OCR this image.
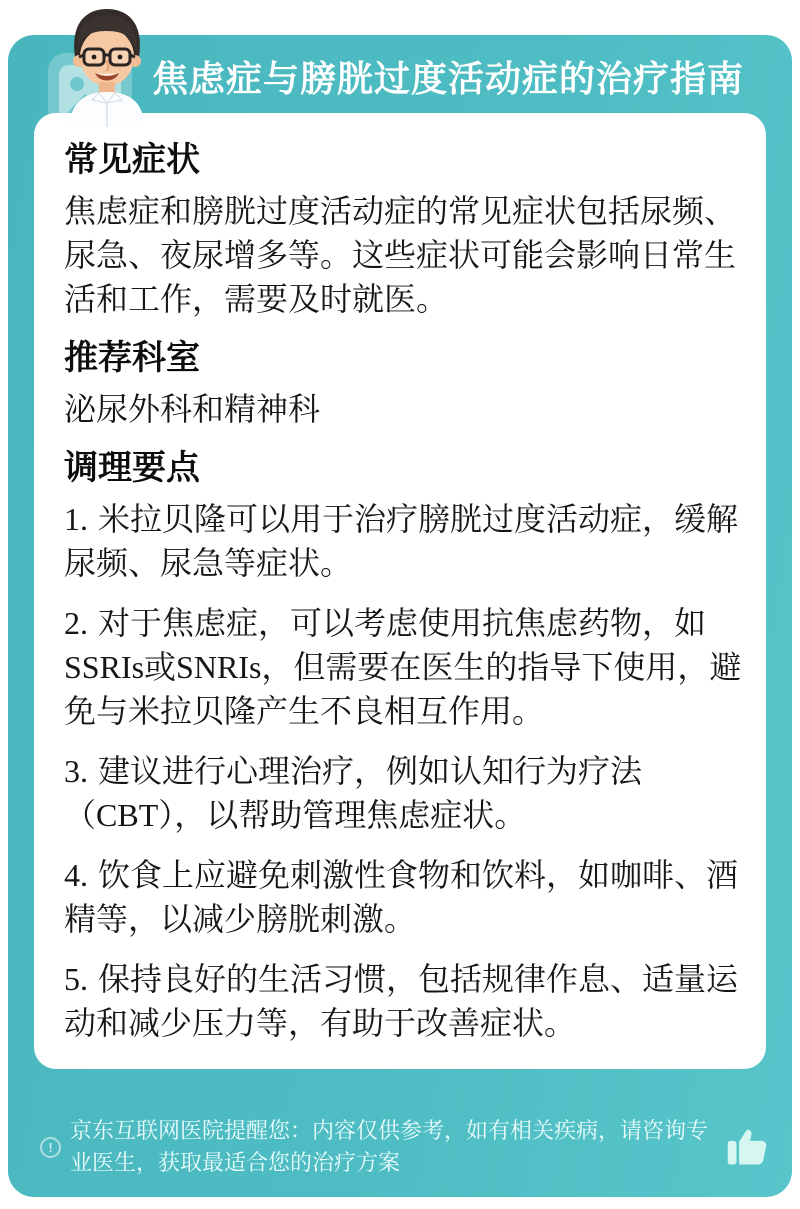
焦虑症与膀胱过度活动症的治疗指南
常见症状

焦虑症和膀胱过度活动症的常见症状包括尿频、尿急、夜尿增多等。这些症状可能会影响日常生活和工作，需要及时就医。

推荐科室

泌尿外科和精神科

调理要点

1. 米拉贝隆可以用于治疗膀胱过度活动症，缓解尿频、尿急等症状。

2. 对于焦虑症，可以考虑使用抗焦虑药物，如SSRIs或SNRIs，但需要在医生的指导下使用，避免与米拉贝隆产生不良相互作用。

3. 建议进行心理治疗，例如认知行为疗法（CBT），以帮助管理焦虑症状。

4. 饮食上应避免刺激性食物和饮料，如咖啡、酒精等，以减少膀胱刺激。

5. 保持良好的生活习惯，包括规律作息、适量运动和减少压力等，有助于改善症状。

!
京东互联网医院提醒您：内容仅供参考，如有相关疾病，请咨询专业医生，获取最适合您的治疗方案
